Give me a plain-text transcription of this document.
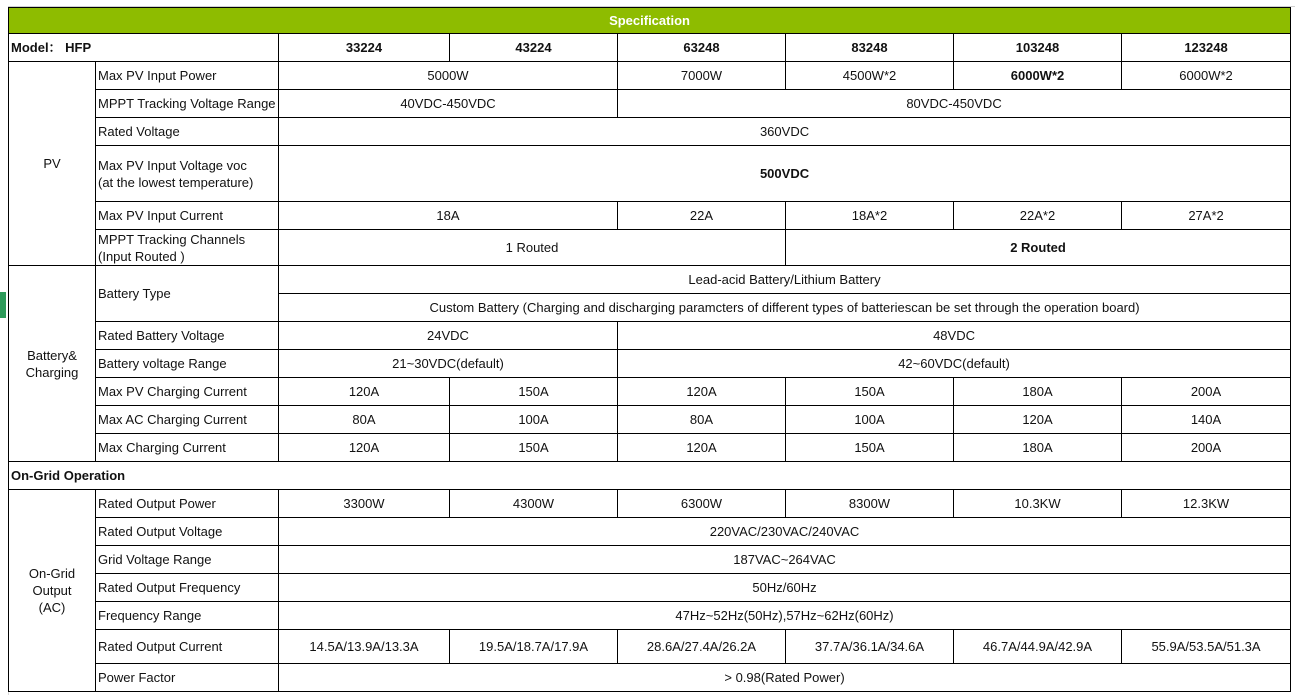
Specification							
Model： HFP		33224	43224	63248	83248	103248	123248
PV	Max PV Input Power	5000W		7000W	4500W*2	6000W*2	6000W*2
	MPPT Tracking Voltage Range	40VDC-450VDC		80VDC-450VDC			
	Rated Voltage	360VDC					

	Max PV Input Voltage voc
(at the lowest temperature)	500VDC					
	Max PV Input Current	18A		22A	18A*2	22A*2	27A*2

	MPPT Tracking Channels
(Input Routed )	1 Routed			2 Routed		

Battery&
Charging	Battery Type	Lead-acid Battery/Lithium Battery					
		Custom Battery (Charging and discharging paramcters of different types of batteriescan be set through the operation board)					
	Rated Battery Voltage	24VDC		48VDC			
	Battery voltage Range	21~30VDC(default)		42~60VDC(default)			
	Max PV Charging Current	120A	150A	120A	150A	180A	200A
	Max AC Charging Current	80A	100A	80A	100A	120A	140A
	Max Charging Current	120A	150A	120A	150A	180A	200A
On-Grid Operation							

On-Grid
Output
(AC)	Rated Output Power	3300W	4300W	6300W	8300W	10.3KW	12.3KW
	Rated Output Voltage	220VAC/230VAC/240VAC					
	Grid Voltage Range	187VAC~264VAC					
	Rated Output Frequency	50Hz/60Hz					
	Frequency Range	47Hz~52Hz(50Hz),57Hz~62Hz(60Hz)					
	Rated Output Current	14.5A/13.9A/13.3A	19.5A/18.7A/17.9A	28.6A/27.4A/26.2A	37.7A/36.1A/34.6A	46.7A/44.9A/42.9A	55.9A/53.5A/51.3A
	Power Factor	> 0.98(Rated Power)					
